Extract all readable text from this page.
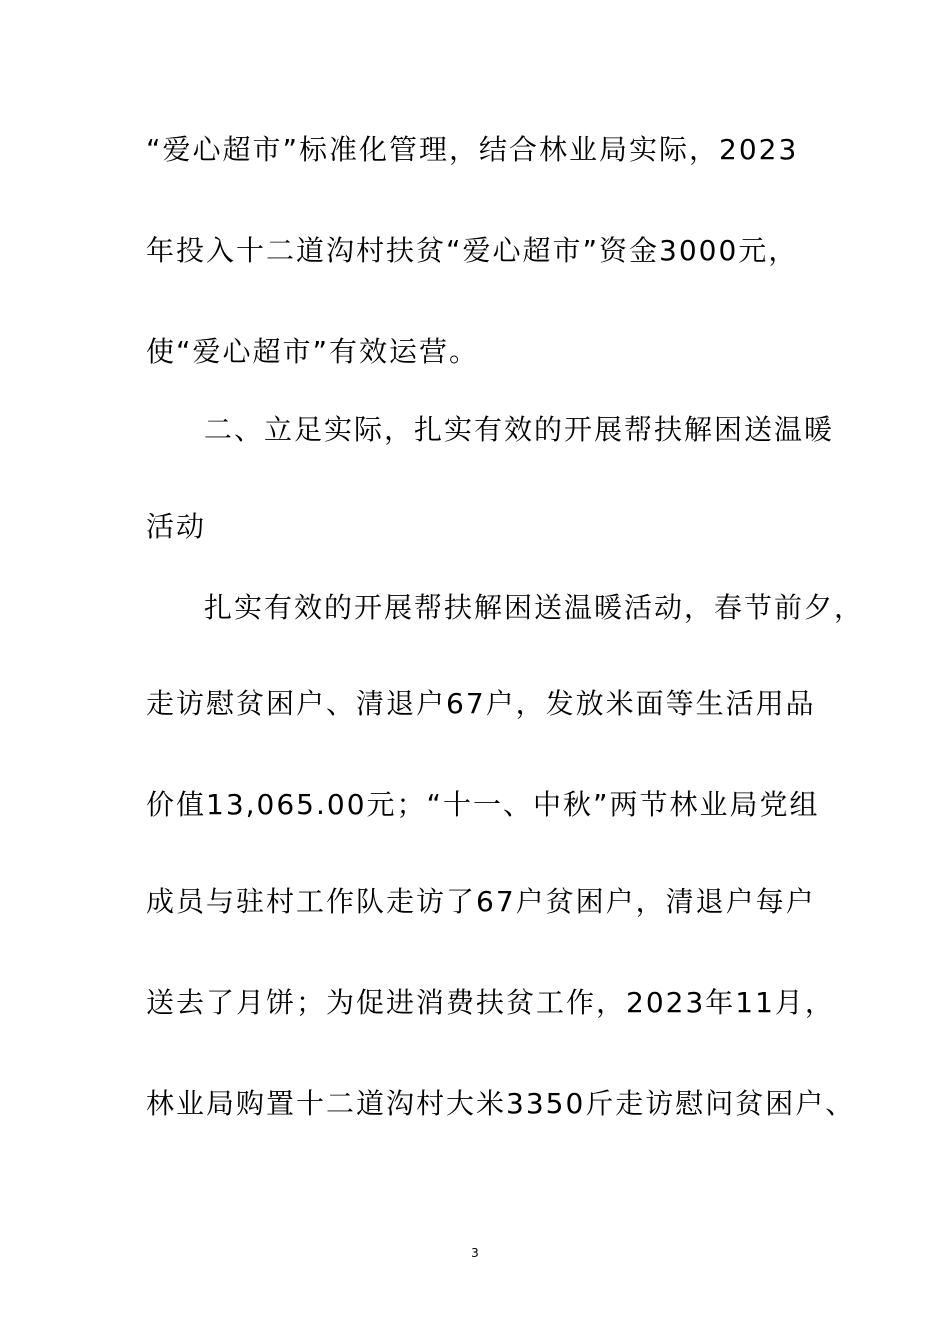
“爱心超市”标准化管理，结合林业局实际，2023
年投入十二道沟村扶贫“爱心超市”资金3000元，
使“爱心超市”有效运营。
二、立足实际，扎实有效的开展帮扶解困送温暖
活动
扎实有效的开展帮扶解困送温暖活动，春节前夕，
走访慰贫困户、清退户67户，发放米面等生活用品
价值13,065.00元；“十一、中秋”两节林业局党组
成员与驻村工作队走访了67户贫困户，清退户每户
送去了月饼；为促进消费扶贫工作，2023年11月，
林业局购置十二道沟村大米3350斤走访慰问贫困户、
3
